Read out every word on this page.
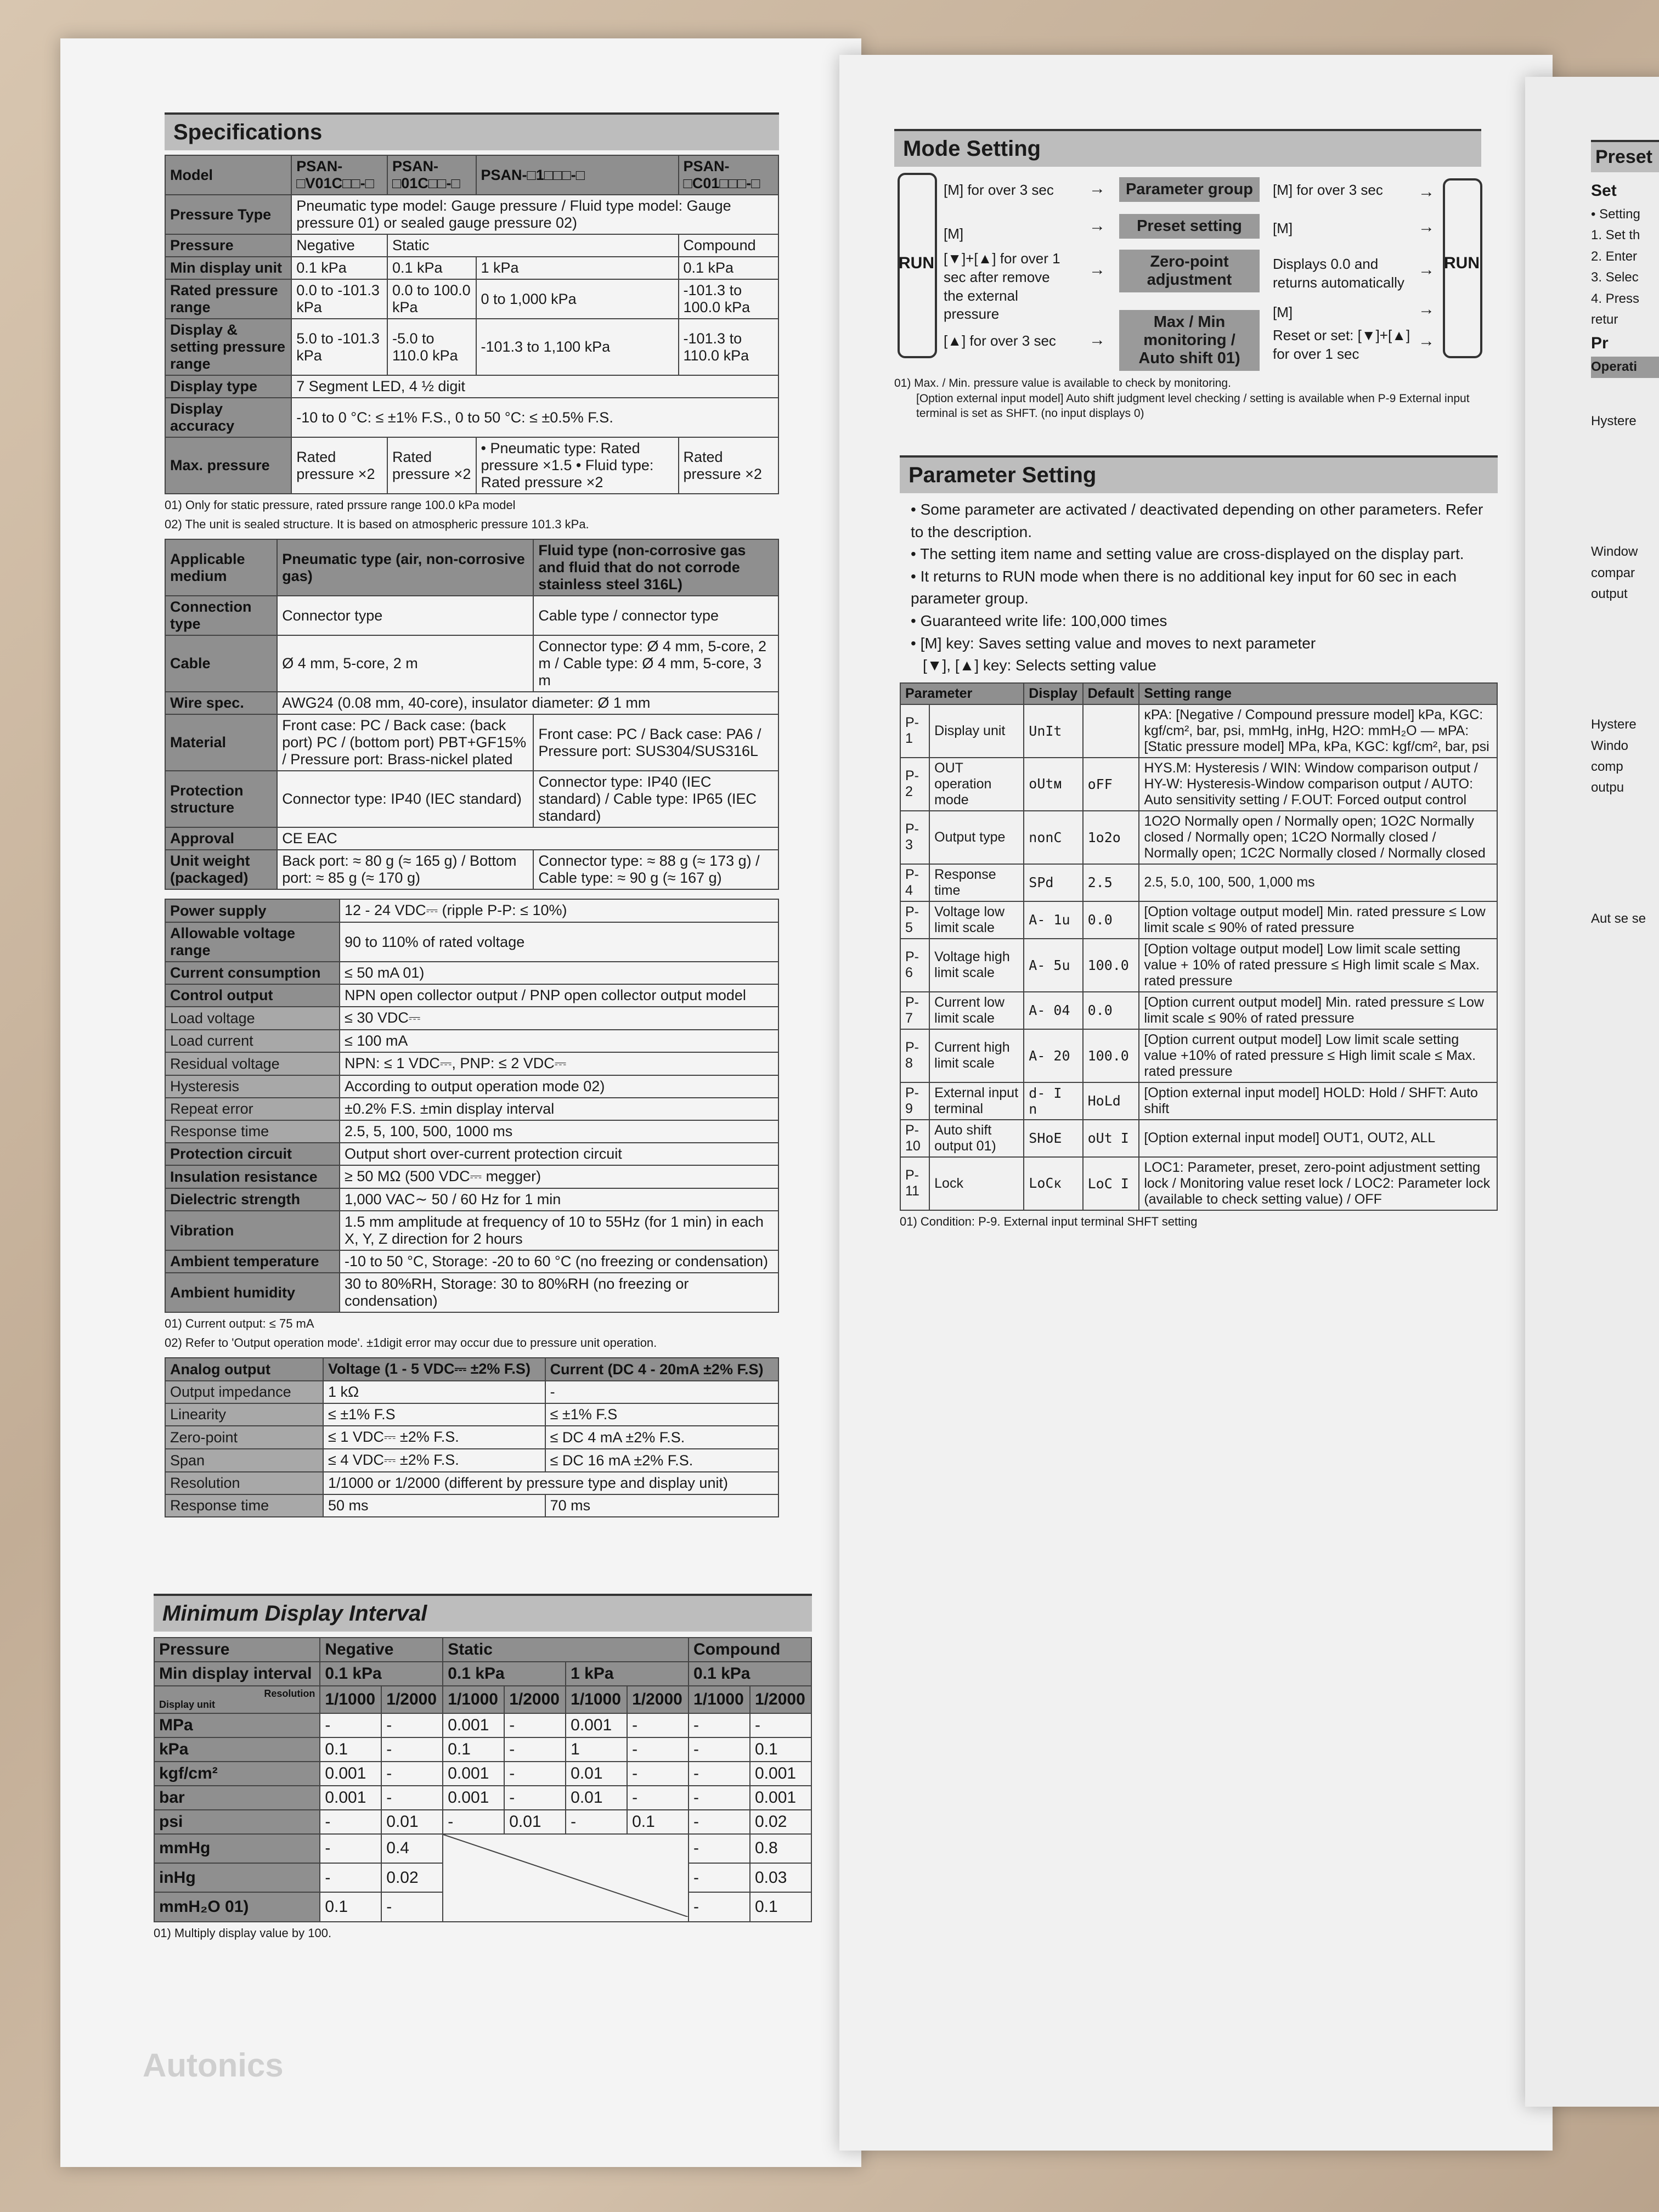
Specifications
Model	PSAN-□V01C□□-□	PSAN-□01C□□-□	PSAN-□1□□□-□	PSAN-□C01□□□-□
Pressure Type	Pneumatic type model: Gauge pressure / Fluid type model: Gauge pressure 01) or sealed gauge pressure 02)			
Pressure	Negative	Static		Compound
Min display unit	0.1 kPa	0.1 kPa	1 kPa	0.1 kPa
Rated pressure range	0.0 to -101.3 kPa	0.0 to 100.0 kPa	0 to 1,000 kPa	-101.3 to 100.0 kPa
Display & setting pressure range	5.0 to -101.3 kPa	-5.0 to 110.0 kPa	-101.3 to 1,100 kPa	-101.3 to 110.0 kPa
Display type	7 Segment LED, 4 ½ digit			
Display accuracy	-10 to 0 °C: ≤ ±1% F.S., 0 to 50 °C: ≤ ±0.5% F.S.			
Max. pressure	Rated pressure ×2	Rated pressure ×2	• Pneumatic type: Rated pressure ×1.5 • Fluid type: Rated pressure ×2	Rated pressure ×2
01) Only for static pressure, rated prssure range 100.0 kPa model
02) The unit is sealed structure. It is based on atmospheric pressure 101.3 kPa.
Applicable medium	Pneumatic type (air, non-corrosive gas)	Fluid type (non-corrosive gas and fluid that do not corrode stainless steel 316L)
Connection type	Connector type	Cable type / connector type
Cable	Ø 4 mm, 5-core, 2 m	Connector type: Ø 4 mm, 5-core, 2 m / Cable type: Ø 4 mm, 5-core, 3 m
Wire spec.	AWG24 (0.08 mm, 40-core), insulator diameter: Ø 1 mm	
Material	Front case: PC / Back case: (back port) PC / (bottom port) PBT+GF15% / Pressure port: Brass-nickel plated	Front case: PC / Back case: PA6 / Pressure port: SUS304/SUS316L
Protection structure	Connector type: IP40 (IEC standard)	Connector type: IP40 (IEC standard) / Cable type: IP65 (IEC standard)
Approval	CE EAC	
Unit weight (packaged)	Back port: ≈ 80 g (≈ 165 g) / Bottom port: ≈ 85 g (≈ 170 g)	Connector type: ≈ 88 g (≈ 173 g) / Cable type: ≈ 90 g (≈ 167 g)
Power supply	12 - 24 VDC⎓ (ripple P-P: ≤ 10%)
Allowable voltage range	90 to 110% of rated voltage
Current consumption	≤ 50 mA 01)
Control output	NPN open collector output / PNP open collector output model
Load voltage	≤ 30 VDC⎓
Load current	≤ 100 mA
Residual voltage	NPN: ≤ 1 VDC⎓, PNP: ≤ 2 VDC⎓
Hysteresis	According to output operation mode 02)
Repeat error	±0.2% F.S. ±min display interval
Response time	2.5, 5, 100, 500, 1000 ms
Protection circuit	Output short over-current protection circuit
Insulation resistance	≥ 50 MΩ (500 VDC⎓ megger)
Dielectric strength	1,000 VAC∼ 50 / 60 Hz for 1 min
Vibration	1.5 mm amplitude at frequency of 10 to 55Hz (for 1 min) in each X, Y, Z direction for 2 hours
Ambient temperature	-10 to 50 °C, Storage: -20 to 60 °C (no freezing or condensation)
Ambient humidity	30 to 80%RH, Storage: 30 to 80%RH (no freezing or condensation)
01) Current output: ≤ 75 mA
02) Refer to 'Output operation mode'. ±1digit error may occur due to pressure unit operation.
Analog output	Voltage (1 - 5 VDC⎓ ±2% F.S)	Current (DC 4 - 20mA ±2% F.S)
Output impedance	1 kΩ	-
Linearity	≤ ±1% F.S	≤ ±1% F.S
Zero-point	≤ 1 VDC⎓ ±2% F.S.	≤ DC 4 mA ±2% F.S.
Span	≤ 4 VDC⎓ ±2% F.S.	≤ DC 16 mA ±2% F.S.
Resolution	1/1000 or 1/2000 (different by pressure type and display unit)	
Response time	50 ms	70 ms
Minimum Display Interval
Pressure	Negative		Static				Compound	
Min display interval	0.1 kPa		0.1 kPa		1 kPa		0.1 kPa	

Resolution
Display unit	1/1000	1/2000	1/1000	1/2000	1/1000	1/2000	1/1000	1/2000
MPa	-	-	0.001	-	0.001	-	-	-
kPa	0.1	-	0.1	-	1	-	-	0.1
kgf/cm²	0.001	-	0.001	-	0.01	-	-	0.001
bar	0.001	-	0.001	-	0.01	-	-	0.001
psi	-	0.01	-	0.01	-	0.1	-	0.02
mmHg	-	0.4					-	0.8
inHg	-	0.02					-	0.03
mmH₂O 01)	0.1	-					-	0.1
01) Multiply display value by 100.
Autonics
Mode Setting
RUN	RUN
[M] for over 3 sec
[M]
[▼]+[▲] for over 1 sec after remove the external pressure
[▲] for over 3 sec
→
→
→
→
Parameter group
Preset setting
Zero-point adjustment
Max / Min monitoring / Auto shift 01)
[M] for over 3 sec
[M]
Displays 0.0 and returns automatically
[M]
Reset or set: [▼]+[▲] for over 1 sec
→
→
→
→
→
01) Max. / Min. pressure value is available to check by monitoring.
[Option external input model] Auto shift judgment level checking / setting is available when P-9 External input terminal is set as SHFT. (no input displays 0)
Parameter Setting
• Some parameter are activated / deactivated depending on other parameters. Refer to the description.
• The setting item name and setting value are cross-displayed on the display part.
• It returns to RUN mode when there is no additional key input for 60 sec in each parameter group.
• Guaranteed write life: 100,000 times
• [M] key: Saves setting value and moves to next parameter
[▼], [▲] key: Selects setting value
Parameter		Display	Default	Setting range
P-1	Display unit	UnIt		ᴋPA: [Negative / Compound pressure model] kPa, KGC: kgf/cm², bar, psi, mmHg, inHg, H2O: mmH₂O — ᴍPA: [Static pressure model] MPa, kPa, KGC: kgf/cm², bar, psi
P-2	OUT operation mode	oUtᴍ	oFF	HYS.M: Hysteresis / WIN: Window comparison output / HY-W: Hysteresis-Window comparison output / AUTO: Auto sensitivity setting / F.OUT: Forced output control
P-3	Output type	nonC	1o2o	1O2O Normally open / Normally open; 1O2C Normally closed / Normally open; 1C2O Normally closed / Normally open; 1C2C Normally closed / Normally closed
P-4	Response time	SPd	2.5	2.5, 5.0, 100, 500, 1,000 ms
P-5	Voltage low limit scale	A- 1u	0.0	[Option voltage output model] Min. rated pressure ≤ Low limit scale ≤ 90% of rated pressure
P-6	Voltage high limit scale	A- 5u	100.0	[Option voltage output model] Low limit scale setting value + 10% of rated pressure ≤ High limit scale ≤ Max. rated pressure
P-7	Current low limit scale	A- 04	0.0	[Option current output model] Min. rated pressure ≤ Low limit scale ≤ 90% of rated pressure
P-8	Current high limit scale	A- 20	100.0	[Option current output model] Low limit scale setting value +10% of rated pressure ≤ High limit scale ≤ Max. rated pressure
P-9	External input terminal	d- I n	HoLd	[Option external input model] HOLD: Hold / SHFT: Auto shift
P-10	Auto shift output 01)	SHoE	oUt I	[Option external input model] OUT1, OUT2, ALL
P-11	Lock	LoCᴋ	LoC I	LOC1: Parameter, preset, zero-point adjustment setting lock / Monitoring value reset lock / LOC2: Parameter lock (available to check setting value) / OFF
01) Condition: P-9. External input terminal SHFT setting
Preset
Set
• Setting
1. Set th
2. Enter
3. Selec
4. Press
retur
Pr
Operati
Hystere
Window compar output
Hystere Windo comp outpu
Aut se se
